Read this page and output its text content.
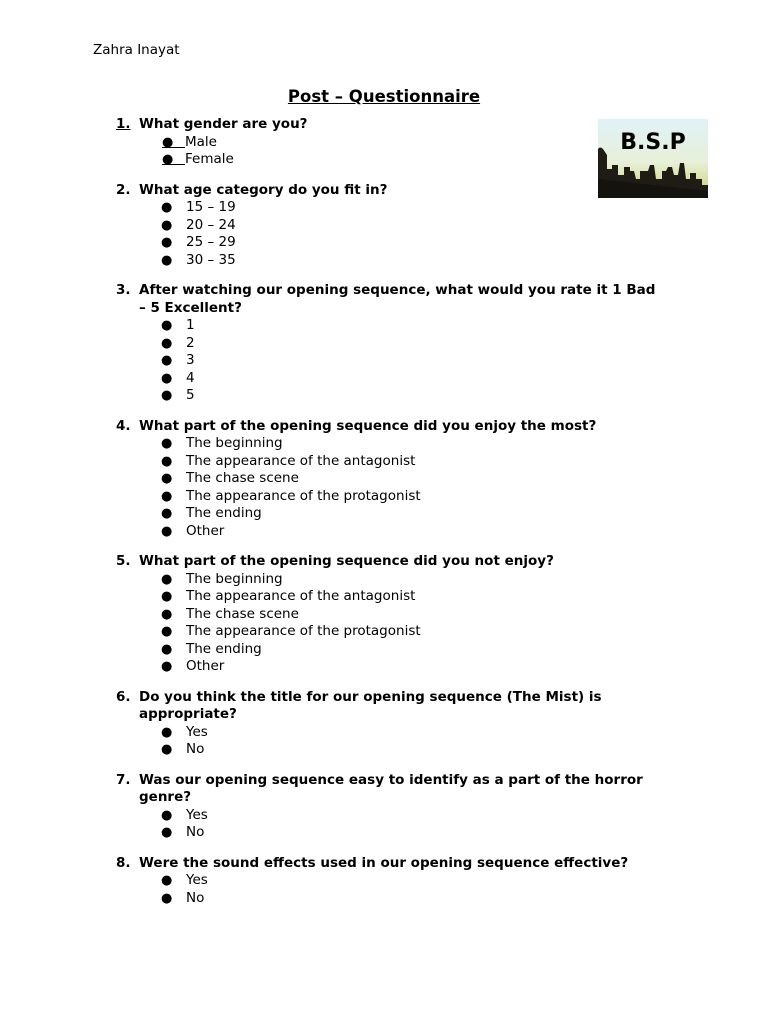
Zahra Inayat
Post – Questionnaire
B.S.P
1. What gender are you?
● Male
● Female
2. What age category do you fit in?
● 15 – 19
● 20 – 24
● 25 – 29
● 30 – 35
3. After watching our opening sequence, what would you rate it 1 Bad – 5 Excellent?
● 1
● 2
● 3
● 4
● 5
4. What part of the opening sequence did you enjoy the most?
● The beginning
● The appearance of the antagonist
● The chase scene
● The appearance of the protagonist
● The ending
● Other
5. What part of the opening sequence did you not enjoy?
● The beginning
● The appearance of the antagonist
● The chase scene
● The appearance of the protagonist
● The ending
● Other
6. Do you think the title for our opening sequence (The Mist) is appropriate?
● Yes
● No
7. Was our opening sequence easy to identify as a part of the horror genre?
● Yes
● No
8. Were the sound effects used in our opening sequence effective?
● Yes
● No
